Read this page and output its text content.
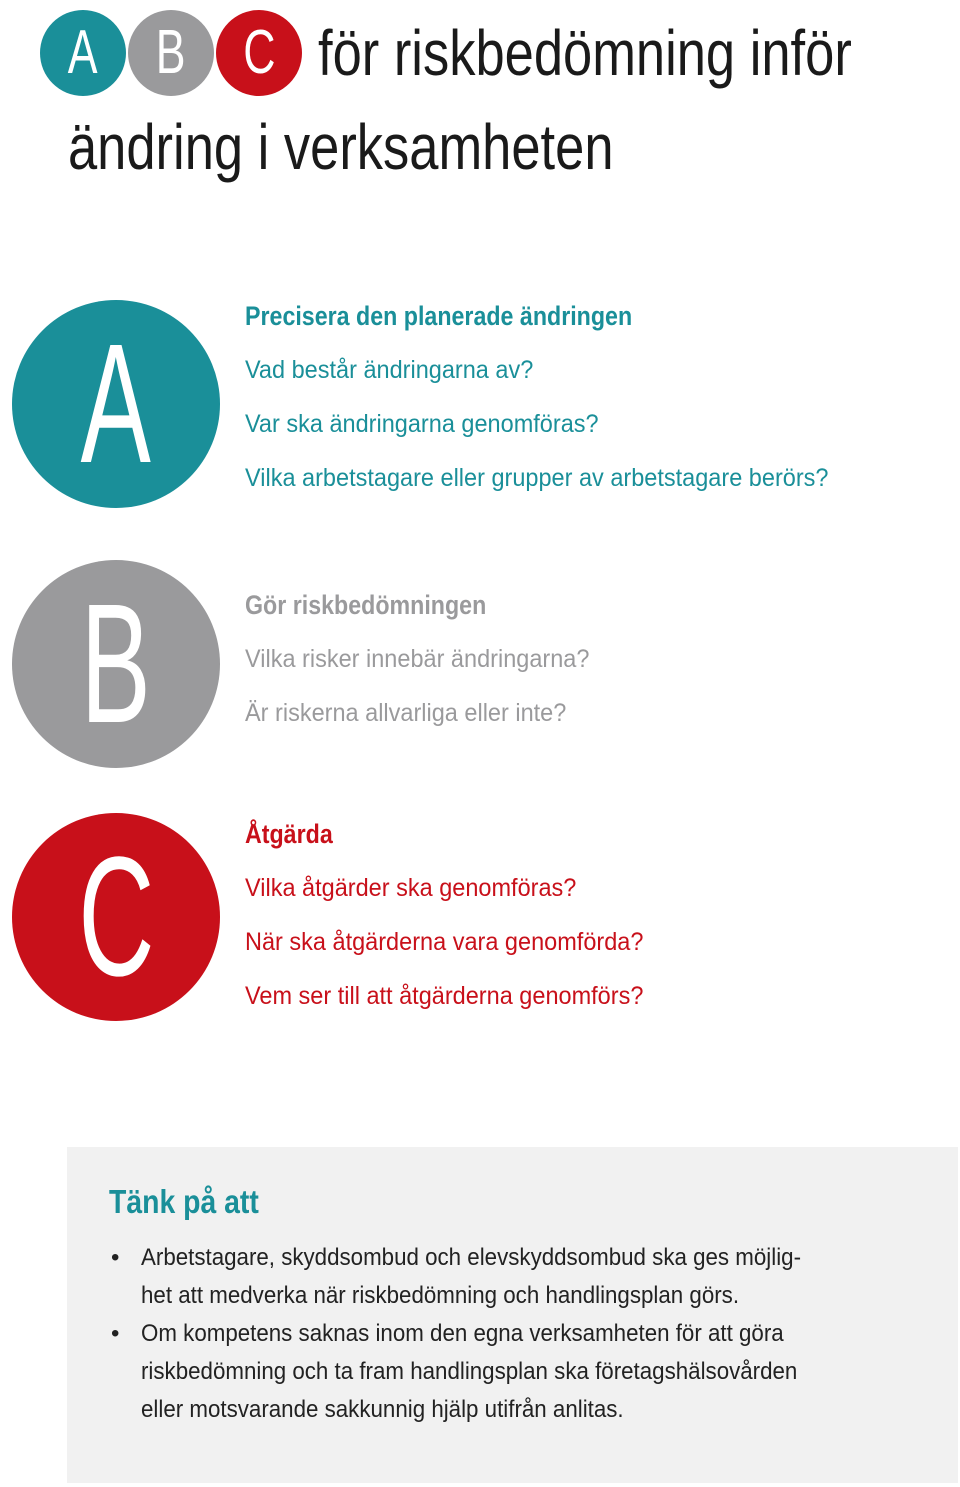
A B C för riskbedömning inför
ändring i verksamheten
A	Precisera den planerade ändringen
Vad består ändringarna av?
Var ska ändringarna genomföras?
Vilka arbetstagare eller grupper av arbetstagare berörs?
B	Gör riskbedömningen
Vilka risker innebär ändringarna?
Är riskerna allvarliga eller inte?
C	Åtgärda
Vilka åtgärder ska genomföras?
När ska åtgärderna vara genomförda?
Vem ser till att åtgärderna genomförs?
Tänk på att
• Arbetstagare, skyddsombud och elevskyddsombud ska ges möjlig-
het att medverka när riskbedömning och handlingsplan görs.
• Om kompetens saknas inom den egna verksamheten för att göra
riskbedömning och ta fram handlingsplan ska företagshälsovården
eller motsvarande sakkunnig hjälp utifrån anlitas.
